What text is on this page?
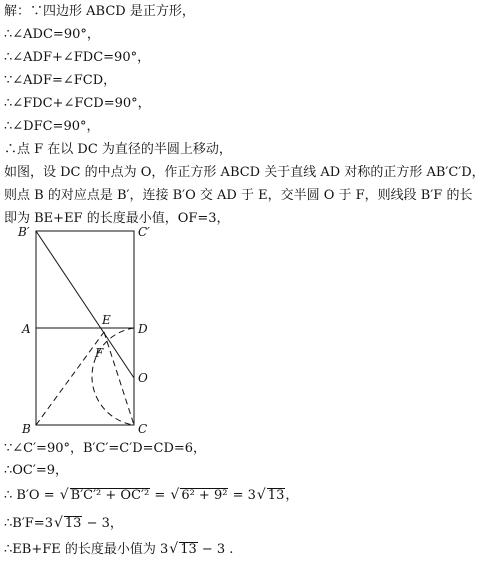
解：∵四边形 ABCD 是正方形，
∴∠ADC=90°，
∴∠ADF+∠FDC=90°，
∵∠ADF=∠FCD，
∴∠FDC+∠FCD=90°，
∴∠DFC=90°，
∴点 F 在以 DC 为直径的半圆上移动，
如图，设 DC 的中点为 O，作正方形 ABCD 关于直线 AD 对称的正方形 AB′C′D，
则点 B 的对应点是 B′，连接 B′O 交 AD 于 E，交半圆 O 于 F，则线段 B′F 的长
即为 BE+EF 的长度最小值，OF=3，
B′	C′
A
E
D
F
O
B	C
∵∠C′=90°，B′C′=C′D=CD=6，
∴OC′=9，
∴ B′O = √ B′C′² + OC′² = √ 6² + 9² = 3√ 13，
∴B′F=3√ 13 − 3，
∴EB+FE 的长度最小值为 3√ 13 − 3 .
